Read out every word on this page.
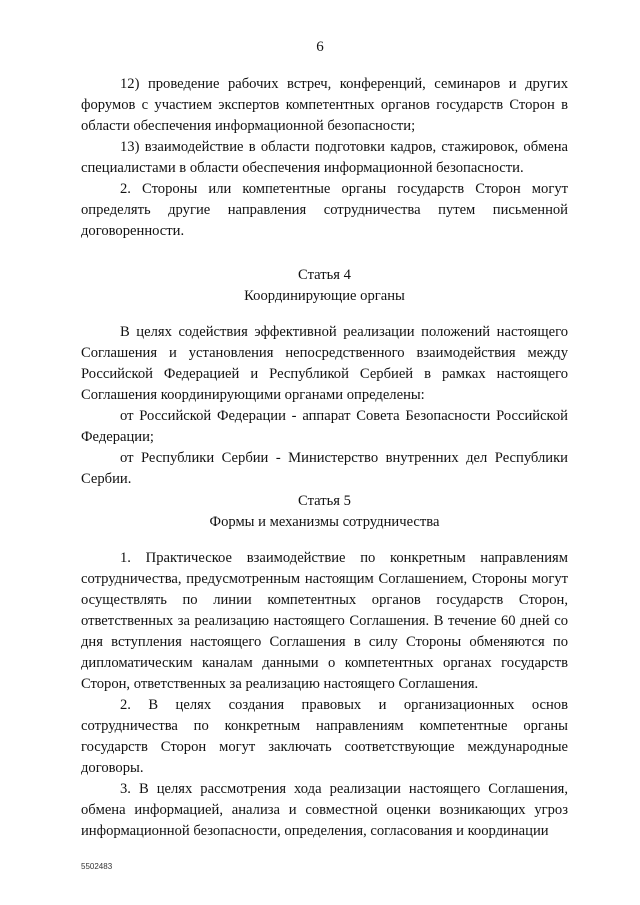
6

12) проведение рабочих встреч, конференций, семинаров и других форумов с участием экспертов компетентных органов государств Сторон в области обеспечения информационной безопасности;

13) взаимодействие в области подготовки кадров, стажировок, обмена специалистами в области обеспечения информационной безопасности.

2. Стороны или компетентные органы государств Сторон могут определять другие направления сотрудничества путем письменной договоренности.

Статья 4

Координирующие органы

В целях содействия эффективной реализации положений настоящего Соглашения и установления непосредственного взаимодействия между Российской Федерацией и Республикой Сербией в рамках настоящего Соглашения координирующими органами определены:

от Российской Федерации - аппарат Совета Безопасности Российской Федерации;

от Республики Сербии - Министерство внутренних дел Республики Сербии.

Статья 5

Формы и механизмы сотрудничества

1. Практическое взаимодействие по конкретным направлениям сотрудничества, предусмотренным настоящим Соглашением, Стороны могут осуществлять по линии компетентных органов государств Сторон, ответственных за реализацию настоящего Соглашения. В течение 60 дней со дня вступления настоящего Соглашения в силу Стороны обменяются по дипломатическим каналам данными о компетентных органах государств Сторон, ответственных за реализацию настоящего Соглашения.

2. В целях создания правовых и организационных основ сотрудничества по конкретным направлениям компетентные органы государств Сторон могут заключать соответствующие международные договоры.

3. В целях рассмотрения хода реализации настоящего Соглашения, обмена информацией, анализа и совместной оценки возникающих угроз информационной безопасности, определения, согласования и координации

5502483
